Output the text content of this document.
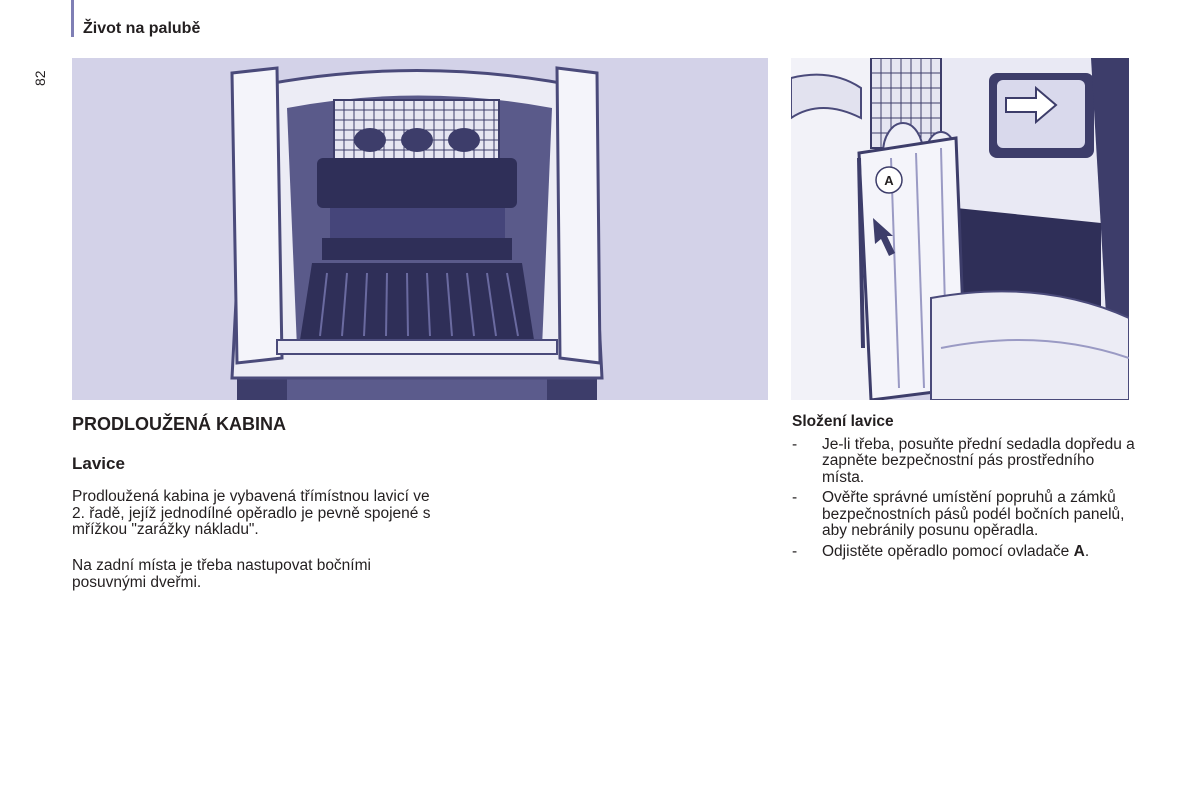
Život na palubě
82
A
PRODLOUŽENÁ KABINA
Lavice
Prodloužená kabina je vybavená třímístnou lavicí ve 2. řadě, jejíž jednodílné opěradlo je pevně spojené s mřížkou "zarážky nákladu".
Na zadní místa je třeba nastupovat bočními posuvnými dveřmi.
Složení lavice
- Je-li třeba, posuňte přední sedadla dopředu a zapněte bezpečnostní pás prostředního místa.
- Ověřte správné umístění popruhů a zámků bezpečnostních pásů podél bočních panelů, aby nebránily posunu opěradla.
- Odjistěte opěradlo pomocí ovladače A.
